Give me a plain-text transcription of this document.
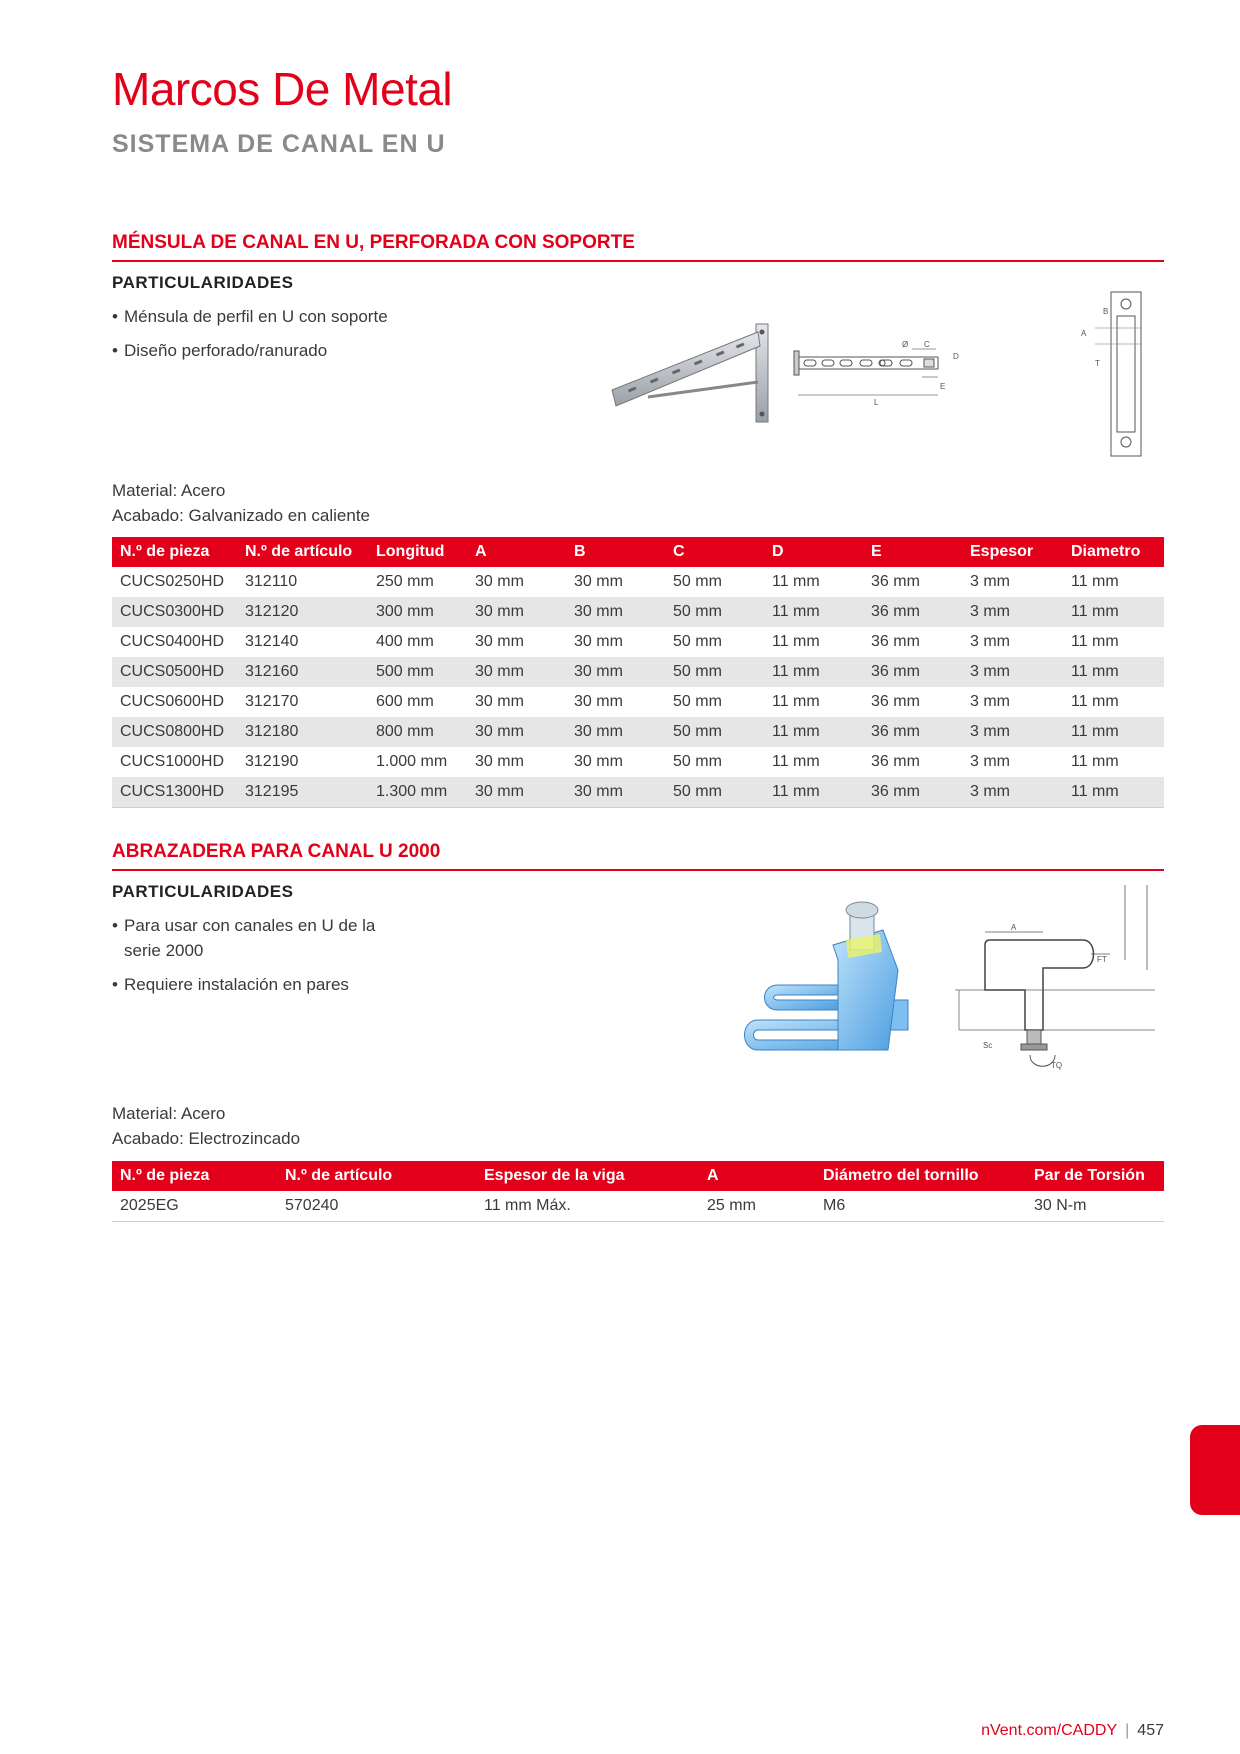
Marcos De Metal
SISTEMA DE CANAL EN U
MÉNSULA DE CANAL EN U, PERFORADA CON SOPORTE
PARTICULARIDADES
• Ménsula de perfil en U con soporte
• Diseño perforado/ranurado	Ø C
D
E
L
B
A
T
Material: Acero
Acabado: Galvanizado en caliente
N.º de pieza	N.º de artículo	Longitud	A	B	C	D	E	Espesor	Diametro
CUCS0250HD	312110	250 mm	30 mm	30 mm	50 mm	11 mm	36 mm	3 mm	11 mm
CUCS0300HD	312120	300 mm	30 mm	30 mm	50 mm	11 mm	36 mm	3 mm	11 mm
CUCS0400HD	312140	400 mm	30 mm	30 mm	50 mm	11 mm	36 mm	3 mm	11 mm
CUCS0500HD	312160	500 mm	30 mm	30 mm	50 mm	11 mm	36 mm	3 mm	11 mm
CUCS0600HD	312170	600 mm	30 mm	30 mm	50 mm	11 mm	36 mm	3 mm	11 mm
CUCS0800HD	312180	800 mm	30 mm	30 mm	50 mm	11 mm	36 mm	3 mm	11 mm
CUCS1000HD	312190	1.000 mm	30 mm	30 mm	50 mm	11 mm	36 mm	3 mm	11 mm
CUCS1300HD	312195	1.300 mm	30 mm	30 mm	50 mm	11 mm	36 mm	3 mm	11 mm
ABRAZADERA PARA CANAL U 2000
PARTICULARIDADES
• Para usar con canales en U de la
serie 2000
• Requiere instalación en pares
A
FT
Sc
TQ
Material: Acero
Acabado: Electrozincado
N.º de pieza	N.º de artículo	Espesor de la viga	A	Diámetro del tornillo	Par de Torsión
2025EG	570240	11 mm Máx.	25 mm	M6	30 N-m
nVent.com/CADDY | 457
